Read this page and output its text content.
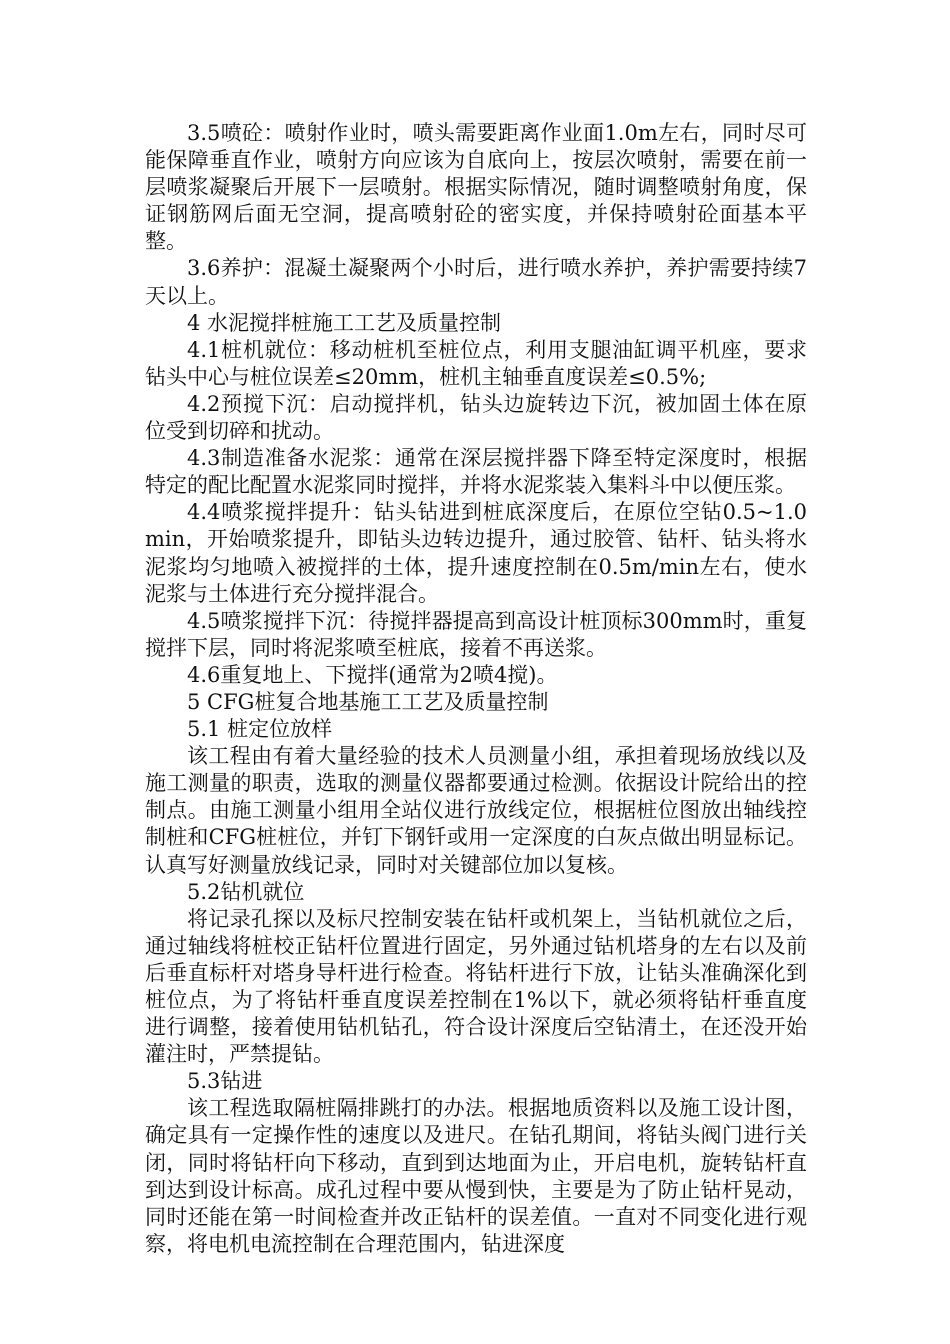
3.5喷砼：喷射作业时，喷头需要距离作业面1.0m左右，同时尽可能保障垂直作业，喷射方向应该为自底向上，按层次喷射，需要在前一层喷浆凝聚后开展下一层喷射。根据实际情况，随时调整喷射角度，保证钢筋网后面无空洞，提高喷射砼的密实度，并保持喷射砼面基本平整。

3.6养护：混凝土凝聚两个小时后，进行喷水养护，养护需要持续7天以上。

4 水泥搅拌桩施工工艺及质量控制

4.1桩机就位：移动桩机至桩位点，利用支腿油缸调平机座，要求钻头中心与桩位误差≤20mm，桩机主轴垂直度误差≤0.5%;

4.2预搅下沉：启动搅拌机，钻头边旋转边下沉，被加固土体在原位受到切碎和扰动。

4.3制造准备水泥浆：通常在深层搅拌器下降至特定深度时，根据特定的配比配置水泥浆同时搅拌，并将水泥浆装入集料斗中以便压浆。

4.4喷浆搅拌提升：钻头钻进到桩底深度后，在原位空钻0.5~1.0min，开始喷浆提升，即钻头边转边提升，通过胶管、钻杆、钻头将水泥浆均匀地喷入被搅拌的土体，提升速度控制在0.5m/min左右，使水泥浆与土体进行充分搅拌混合。

4.5喷浆搅拌下沉：待搅拌器提高到高设计桩顶标300mm时，重复搅拌下层，同时将泥浆喷至桩底，接着不再送浆。

4.6重复地上、下搅拌(通常为2喷4搅)。

5 CFG桩复合地基施工工艺及质量控制

5.1 桩定位放样

该工程由有着大量经验的技术人员测量小组，承担着现场放线以及施工测量的职责，选取的测量仪器都要通过检测。依据设计院给出的控制点。由施工测量小组用全站仪进行放线定位，根据桩位图放出轴线控制桩和CFG桩桩位，并钉下钢钎或用一定深度的白灰点做出明显标记。认真写好测量放线记录，同时对关键部位加以复核。

5.2钻机就位

将记录孔探以及标尺控制安装在钻杆或机架上，当钻机就位之后，通过轴线将桩校正钻杆位置进行固定，另外通过钻机塔身的左右以及前后垂直标杆对塔身导杆进行检查。将钻杆进行下放，让钻头准确深化到桩位点，为了将钻杆垂直度误差控制在1%以下，就必须将钻杆垂直度进行调整，接着使用钻机钻孔，符合设计深度后空钻清土，在还没开始灌注时，严禁提钻。

5.3钻进

该工程选取隔桩隔排跳打的办法。根据地质资料以及施工设计图，确定具有一定操作性的速度以及进尺。在钻孔期间，将钻头阀门进行关闭，同时将钻杆向下移动，直到到达地面为止，开启电机，旋转钻杆直到达到设计标高。成孔过程中要从慢到快，主要是为了防止钻杆晃动，同时还能在第一时间检查并改正钻杆的误差值。一直对不同变化进行观察，将电机电流控制在合理范围内，钻进深度
